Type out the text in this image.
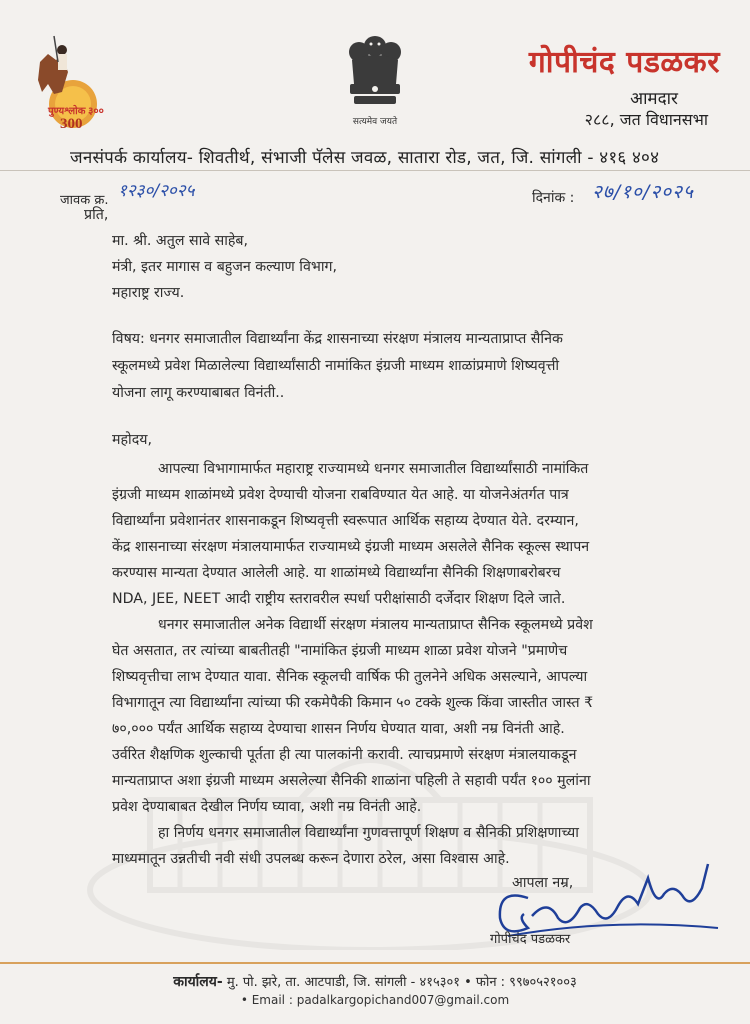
पुण्यश्लोक ३००
300	सत्यमेव जयते
गोपीचंद पडळकर
आमदार
२८८, जत विधानसभा
जनसंपर्क कार्यालय- शिवतीर्थ, संभाजी पॅलेस जवळ, सातारा रोड, जत, जि. सांगली - ४१६ ४०४
जावक क्र. १२३०/२०२५	दिनांक : २७/१०/२०२५
प्रति,
मा. श्री. अतुल सावे साहेब,
मंत्री, इतर मागास व बहुजन कल्याण विभाग,
महाराष्ट्र राज्य.
विषय: धनगर समाजातील विद्यार्थ्यांना केंद्र शासनाच्या संरक्षण मंत्रालय मान्यताप्राप्त सैनिक
स्कूलमध्ये प्रवेश मिळालेल्या विद्यार्थ्यांसाठी नामांकित इंग्रजी माध्यम शाळांप्रमाणे शिष्यवृत्ती
योजना लागू करण्याबाबत विनंती..
महोदय,
आपल्या विभागामार्फत महाराष्ट्र राज्यामध्ये धनगर समाजातील विद्यार्थ्यांसाठी नामांकित
इंग्रजी माध्यम शाळांमध्ये प्रवेश देण्याची योजना राबविण्यात येत आहे. या योजनेअंतर्गत पात्र
विद्यार्थ्यांना प्रवेशानंतर शासनाकडून शिष्यवृत्ती स्वरूपात आर्थिक सहाय्य देण्यात येते. दरम्यान,
केंद्र शासनाच्या संरक्षण मंत्रालयामार्फत राज्यामध्ये इंग्रजी माध्यम असलेले सैनिक स्कूल्स स्थापन
करण्यास मान्यता देण्यात आलेली आहे. या शाळांमध्ये विद्यार्थ्यांना सैनिकी शिक्षणाबरोबरच
NDA, JEE, NEET आदी राष्ट्रीय स्तरावरील स्पर्धा परीक्षांसाठी दर्जेदार शिक्षण दिले जाते.
धनगर समाजातील अनेक विद्यार्थी संरक्षण मंत्रालय मान्यताप्राप्त सैनिक स्कूलमध्ये प्रवेश
घेत असतात, तर त्यांच्या बाबतीतही "नामांकित इंग्रजी माध्यम शाळा प्रवेश योजने "प्रमाणेच
शिष्यवृत्तीचा लाभ देण्यात यावा. सैनिक स्कूलची वार्षिक फी तुलनेने अधिक असल्याने, आपल्या
विभागातून त्या विद्यार्थ्यांना त्यांच्या फी रकमेपैकी किमान ५० टक्के शुल्क किंवा जास्तीत जास्त ₹
७०,००० पर्यंत आर्थिक सहाय्य देण्याचा शासन निर्णय घेण्यात यावा, अशी नम्र विनंती आहे.
उर्वरित शैक्षणिक शुल्काची पूर्तता ही त्या पालकांनी करावी. त्याचप्रमाणे संरक्षण मंत्रालयाकडून
मान्यताप्राप्त अशा इंग्रजी माध्यम असलेल्या सैनिकी शाळांना पहिली ते सहावी पर्यंत १०० मुलांना
प्रवेश देण्याबाबत देखील निर्णय घ्यावा, अशी नम्र विनंती आहे.
हा निर्णय धनगर समाजातील विद्यार्थ्यांना गुणवत्तापूर्ण शिक्षण व सैनिकी प्रशिक्षणाच्या
माध्यमातून उन्नतीची नवी संधी उपलब्ध करून देणारा ठरेल, असा विश्वास आहे.
आपला नम्र,
गोपीचंद पडळकर
कार्यालय- मु. पो. झरे, ता. आटपाडी, जि. सांगली - ४१५३०१ • फोन : ९९७०५२१००३
• Email : padalkargopichand007@gmail.com
